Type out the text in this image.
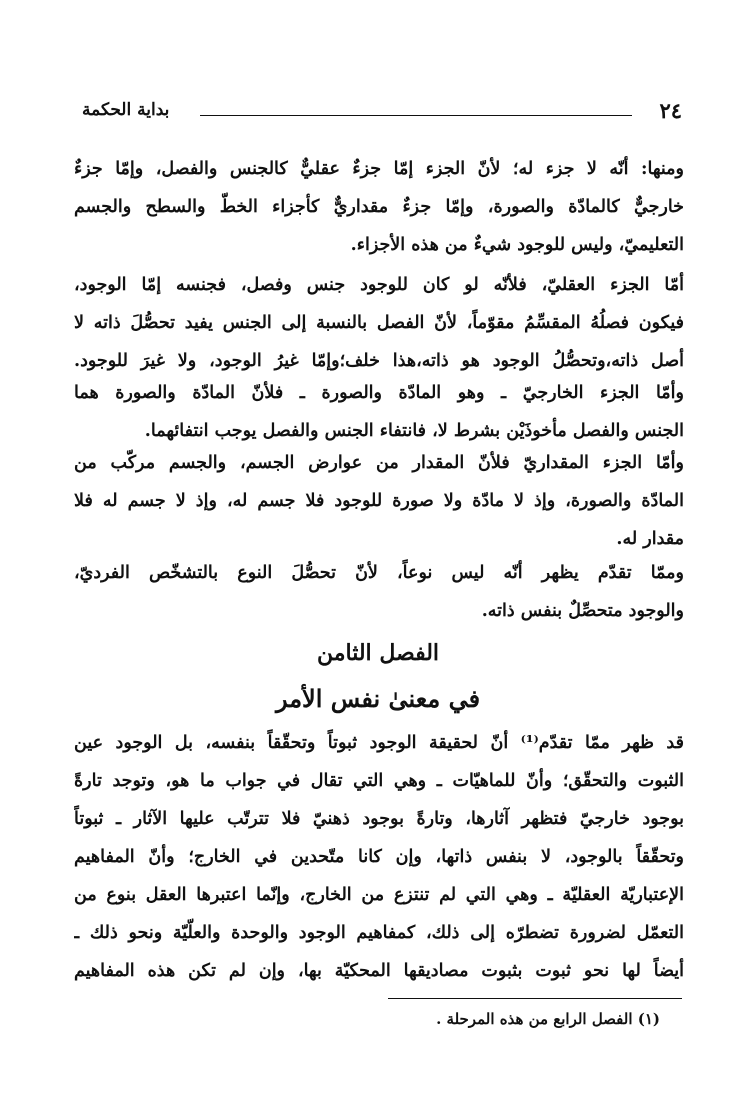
٢٤
بداية الحكمة
ومنها: أنّه لا جزء له؛ لأنّ الجزء إمّا جزءٌ عقليٌّ كالجنس والفصل، وإمّا جزءٌ
خارجيٌّ كالمادّة والصورة، وإمّا جزءٌ مقداريٌّ كأجزاء الخطّ والسطح والجسم
التعليميّ، وليس للوجود شيءٌ من هذه الأجزاء.
أمّا الجزء العقليّ، فلأنّه لو كان للوجود جنس وفصل، فجنسه إمّا الوجود،
فيكون فصلُهُ المقسِّمُ مقوّماً، لأنّ الفصل بالنسبة إلى الجنس يفيد تحصُّلَ ذاته لا
أصل ذاته،وتحصُّلُ الوجود هو ذاته،هذا خلف؛وإمّا غيرُ الوجود، ولا غيرَ للوجود.
وأمّا الجزء الخارجيّ ـ وهو المادّة والصورة ـ فلأنّ المادّة والصورة هما
الجنس والفصل مأخوذَيْن بشرط لا، فانتفاء الجنس والفصل يوجب انتفائهما.
وأمّا الجزء المقداريّ فلأنّ المقدار من عوارض الجسم، والجسم مركّب من
المادّة والصورة، وإذ لا مادّة ولا صورة للوجود فلا جسم له، وإذ لا جسم له فلا
مقدار له.
وممّا تقدّم يظهر أنّه ليس نوعاً، لأنّ تحصُّلَ النوع بالتشخّص الفرديّ،
والوجود متحصِّلٌ بنفس ذاته.
الفصل الثامن
في معنىٰ نفس الأمر
قد ظهر ممّا تقدّم⁽¹⁾ أنّ لحقيقة الوجود ثبوتاً وتحقّقاً بنفسه، بل الوجود عين
الثبوت والتحقّق؛ وأنّ للماهيّات ـ وهي التي تقال في جواب ما هو، وتوجد تارةً
بوجود خارجيّ فتظهر آثارها، وتارةً بوجود ذهنيّ فلا تترتّب عليها الآثار ـ ثبوتاً
وتحقّقاً بالوجود، لا بنفس ذاتها، وإن كانا متّحدين في الخارج؛ وأنّ المفاهيم
الإعتباريّة العقليّة ـ وهي التي لم تنتزع من الخارج، وإنّما اعتبرها العقل بنوع من
التعمّل لضرورة تضطرّه إلى ذلك، كمفاهيم الوجود والوحدة والعلّيّة ونحو ذلك ـ
أيضاً لها نحو ثبوت بثبوت مصاديقها المحكيّة بها، وإن لم تكن هذه المفاهيم
(١) الفصل الرابع من هذه المرحلة .
